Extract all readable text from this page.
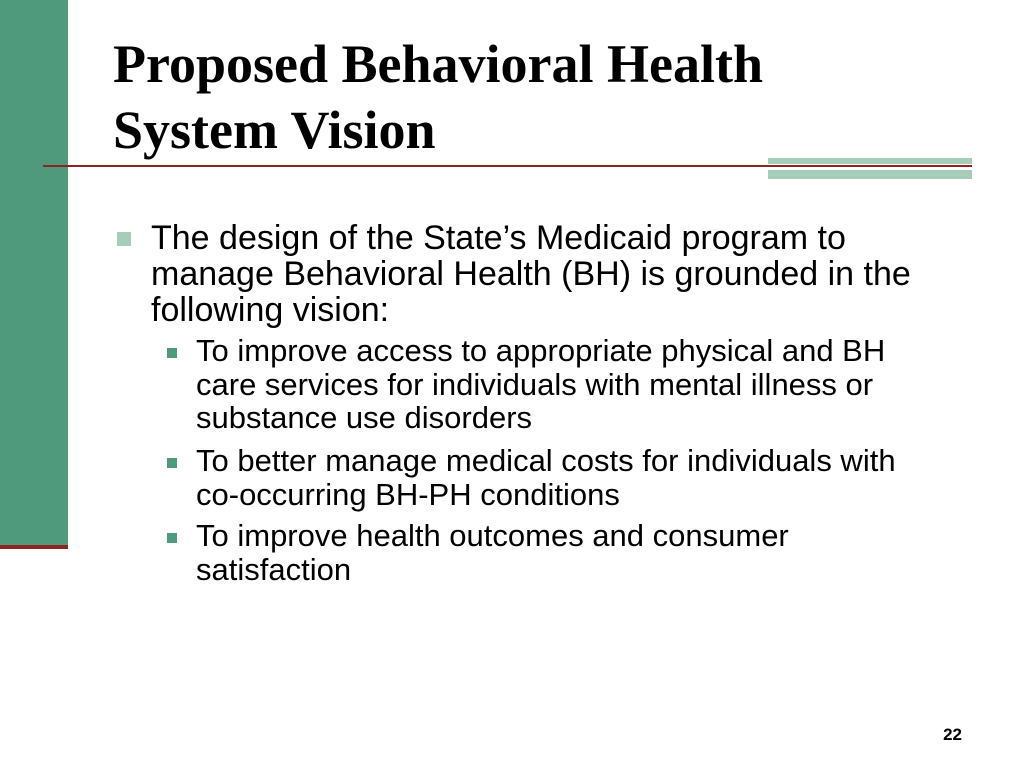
Proposed Behavioral Health System Vision
The design of the State’s Medicaid program to manage Behavioral Health (BH) is grounded in the following vision:
To improve access to appropriate physical and BH care services for individuals with mental illness or substance use disorders
To better manage medical costs for individuals with co-occurring BH-PH conditions
To improve health outcomes and consumer satisfaction
22
